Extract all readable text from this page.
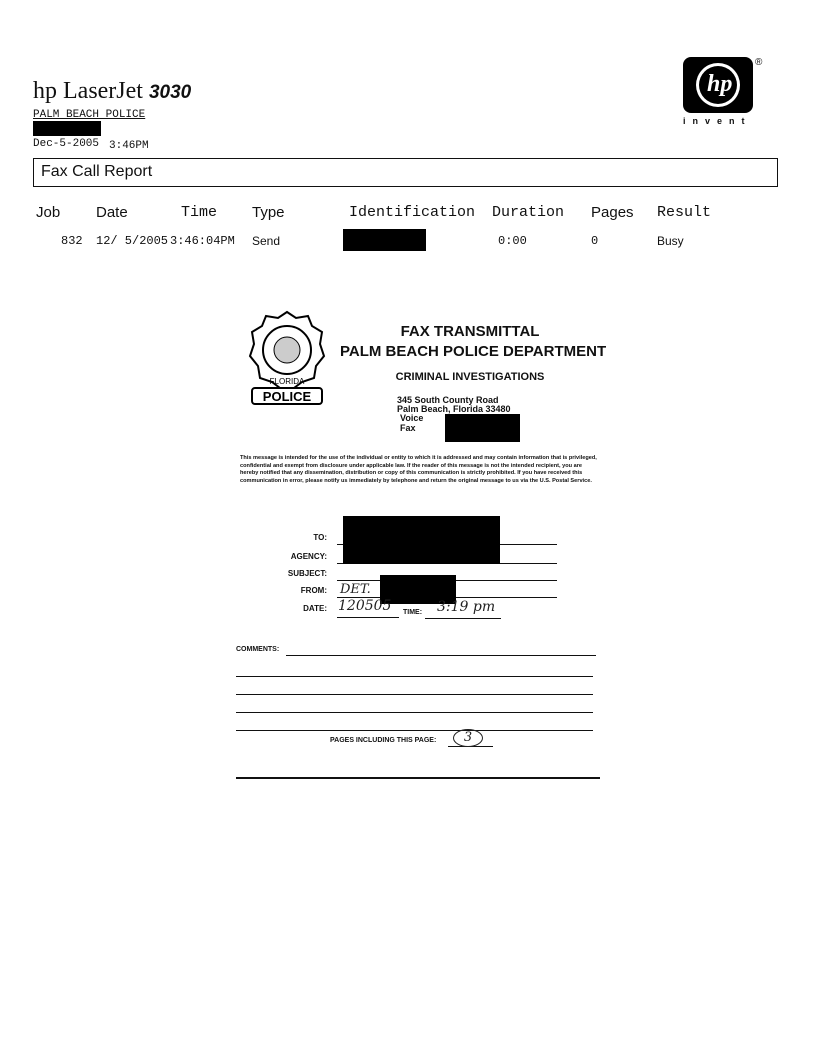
hp LaserJet 3030
PALM BEACH POLICE
Dec-5-2005 3:46PM
hp
®
invent
Fax Call Report
Job Date	Time Type	Identification Duration Pages Result
832 12/ 5/2005 3:46:04PM Send	0:00	0	Busy
POLICE
FLORIDA
FAX TRANSMITTAL
PALM BEACH POLICE DEPARTMENT
CRIMINAL INVESTIGATIONS
345 South County Road
Palm Beach, Florida 33480
Voice
Fax
This message is intended for the use of the individual or entity to which it is addressed and may contain information that is privileged, confidential and exempt from disclosure under applicable law. If the reader of this message is not the intended recipient, you are hereby notified that any dissemination, distribution or copy of this communication is strictly prohibited. If you have received this communication in error, please notify us immediately by telephone and return the original message to us via the U.S. Postal Service.
TO:
AGENCY:
SUBJECT:
FROM: DET.
DATE: 120505 TIME: 3:19 pm
COMMENTS:
PAGES INCLUDING THIS PAGE:	3
